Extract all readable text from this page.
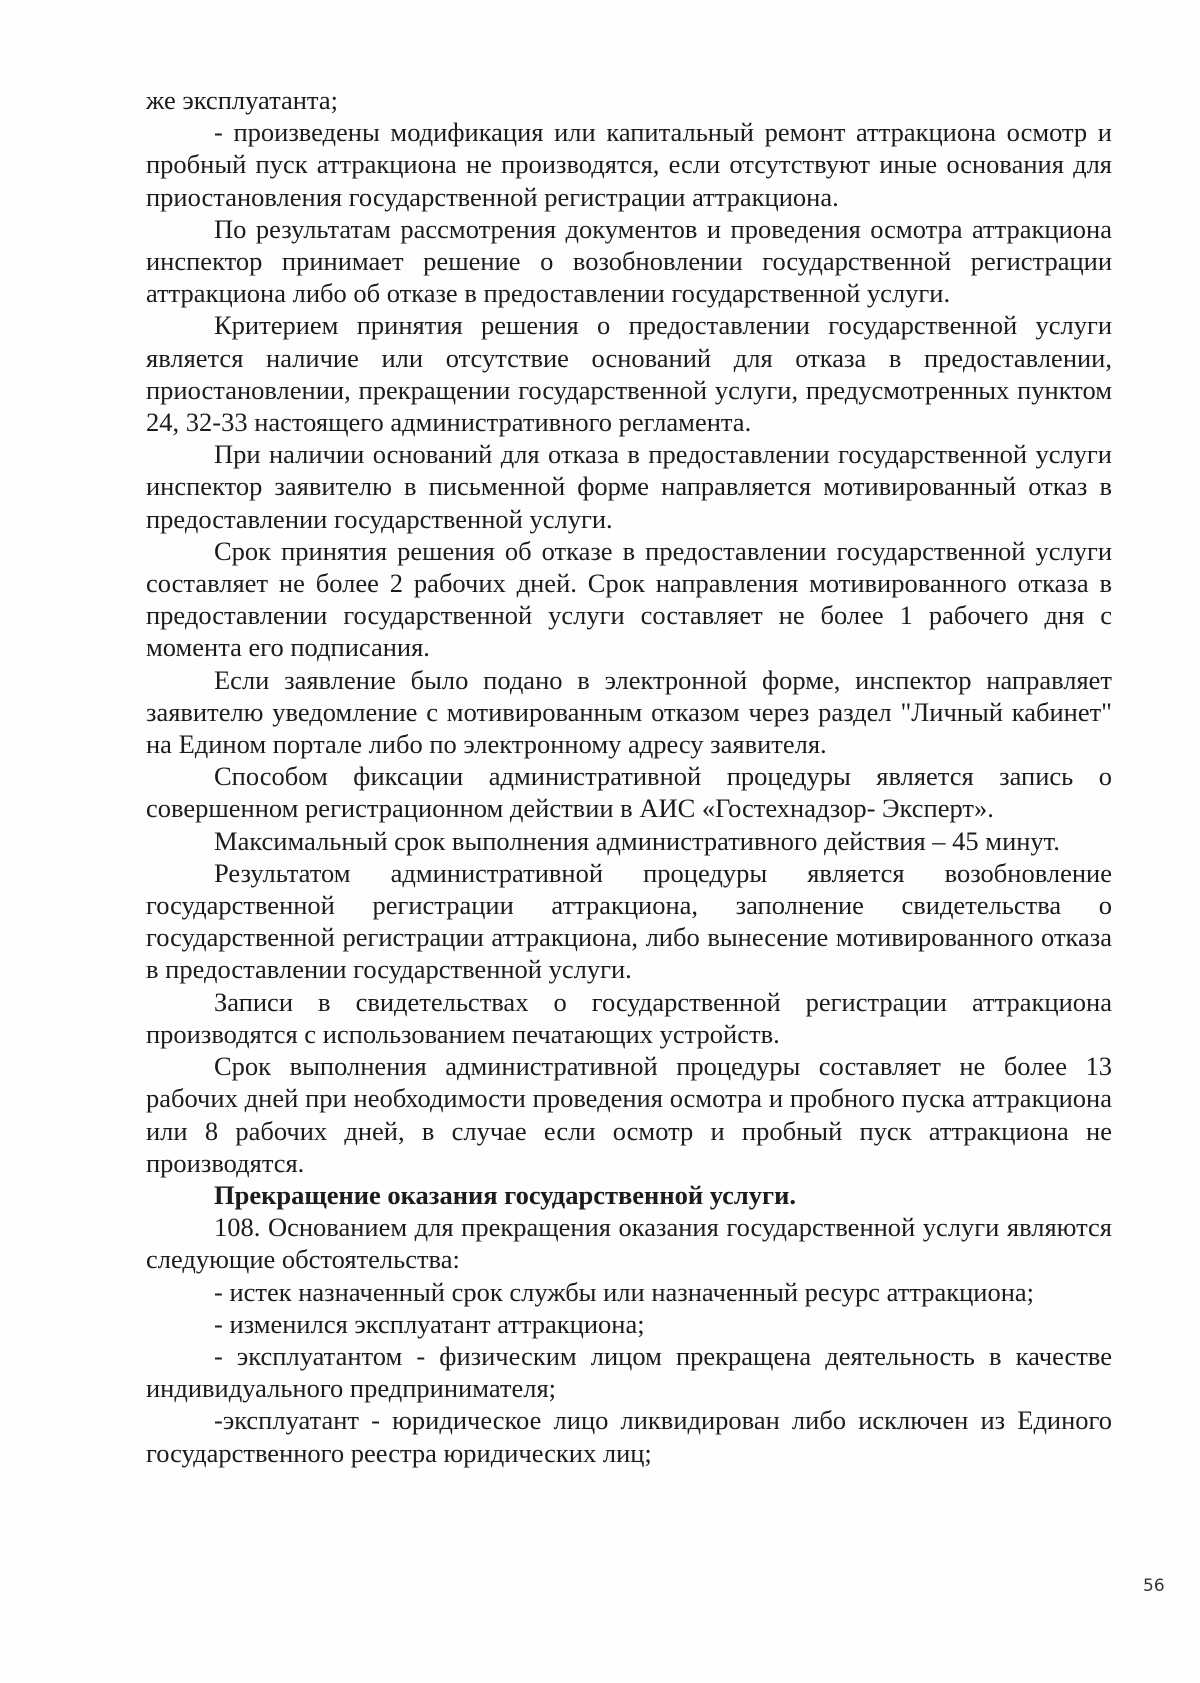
же эксплуатанта;

- произведены модификация или капитальный ремонт аттракциона осмотр и пробный пуск аттракциона не производятся, если отсутствуют иные основания для приостановления государственной регистрации аттракциона.

По результатам рассмотрения документов и проведения осмотра аттракциона инспектор принимает решение о возобновлении государственной регистрации аттракциона либо об отказе в предоставлении государственной услуги.

Критерием принятия решения о предоставлении государственной услуги является наличие или отсутствие оснований для отказа в предоставлении, приостановлении, прекращении государственной услуги, предусмотренных пунктом 24, 32-33 настоящего административного регламента.

При наличии оснований для отказа в предоставлении государственной услуги инспектор заявителю в письменной форме направляется мотивированный отказ в предоставлении государственной услуги.

Срок принятия решения об отказе в предоставлении государственной услуги составляет не более 2 рабочих дней. Срок направления мотивированного отказа в предоставлении государственной услуги составляет не более 1 рабочего дня с момента его подписания.

Если заявление было подано в электронной форме, инспектор направляет заявителю уведомление с мотивированным отказом через раздел "Личный кабинет" на Едином портале либо по электронному адресу заявителя.

Способом фиксации административной процедуры является запись о совершенном регистрационном действии в АИС «Гостехнадзор- Эксперт».

Максимальный срок выполнения административного действия – 45 минут.

Результатом административной процедуры является возобновление государственной регистрации аттракциона, заполнение свидетельства о государственной регистрации аттракциона, либо вынесение мотивированного отказа в предоставлении государственной услуги.

Записи в свидетельствах о государственной регистрации аттракциона производятся с использованием печатающих устройств.

Срок выполнения административной процедуры составляет не более 13 рабочих дней при необходимости проведения осмотра и пробного пуска аттракциона или 8 рабочих дней, в случае если осмотр и пробный пуск аттракциона не производятся.

Прекращение оказания государственной услуги.

108. Основанием для прекращения оказания государственной услуги являются следующие обстоятельства:

- истек назначенный срок службы или назначенный ресурс аттракциона;

- изменился эксплуатант аттракциона;

- эксплуатантом - физическим лицом прекращена деятельность в качестве индивидуального предпринимателя;

-эксплуатант - юридическое лицо ликвидирован либо исключен из Единого государственного реестра юридических лиц;

56
